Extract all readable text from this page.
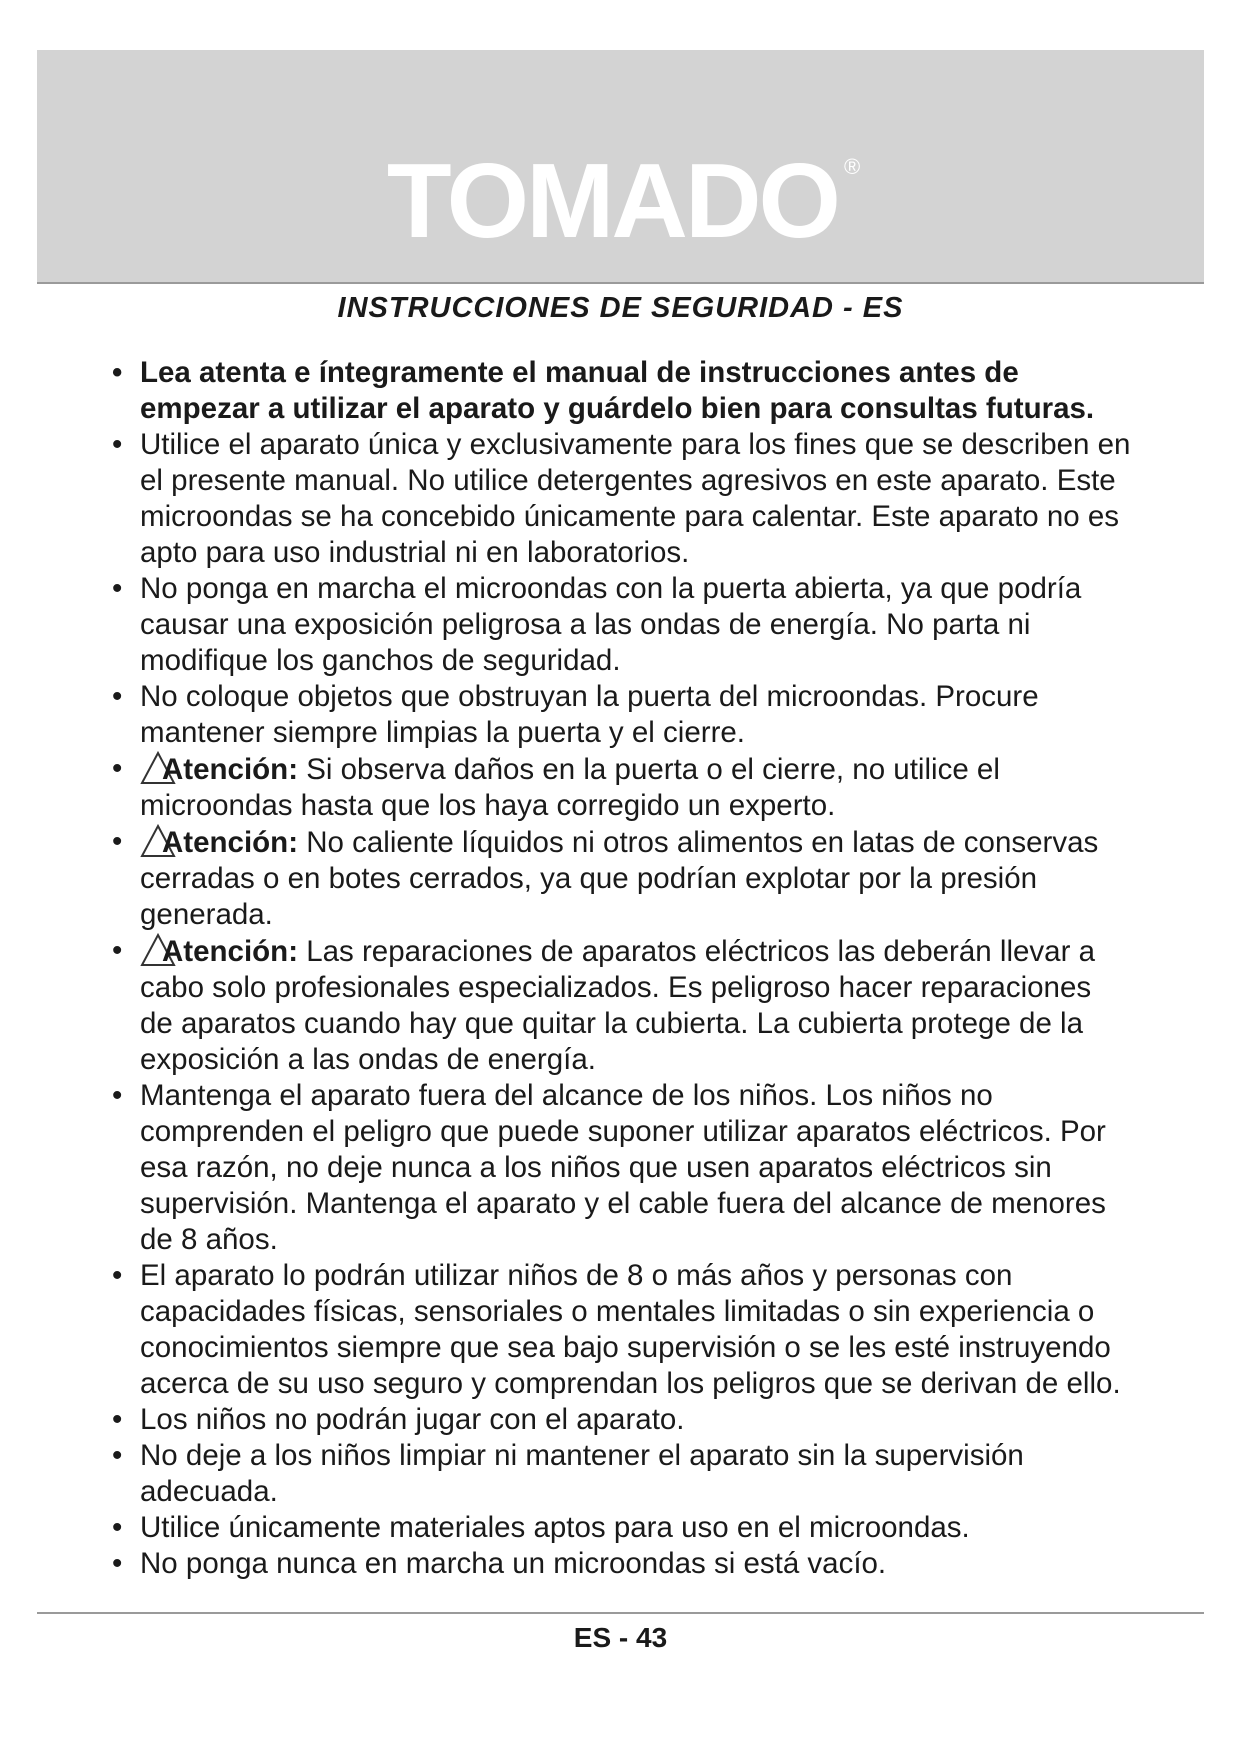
TOMADO ®
INSTRUCCIONES DE SEGURIDAD - ES
• Lea atenta e íntegramente el manual de instrucciones antes de empezar a utilizar el aparato y guárdelo bien para consultas futuras.
• Utilice el aparato única y exclusivamente para los fines que se describen en el presente manual. No utilice detergentes agresivos en este aparato. Este microondas se ha concebido únicamente para calentar. Este aparato no es apto para uso industrial ni en laboratorios.
• No ponga en marcha el microondas con la puerta abierta, ya que podría causar una exposición peligrosa a las ondas de energía. No parta ni modifique los ganchos de seguridad.
• No coloque objetos que obstruyan la puerta del microondas. Procure mantener siempre limpias la puerta y el cierre.
• Atención: Si observa daños en la puerta o el cierre, no utilice el microondas hasta que los haya corregido un experto.
• Atención: No caliente líquidos ni otros alimentos en latas de conservas cerradas o en botes cerrados, ya que podrían explotar por la presión generada.
• Atención: Las reparaciones de aparatos eléctricos las deberán llevar a cabo solo profesionales especializados. Es peligroso hacer reparaciones de aparatos cuando hay que quitar la cubierta. La cubierta protege de la exposición a las ondas de energía.
• Mantenga el aparato fuera del alcance de los niños. Los niños no comprenden el peligro que puede suponer utilizar aparatos eléctricos. Por esa razón, no deje nunca a los niños que usen aparatos eléctricos sin supervisión. Mantenga el aparato y el cable fuera del alcance de menores de 8 años.
• El aparato lo podrán utilizar niños de 8 o más años y personas con capacidades físicas, sensoriales o mentales limitadas o sin experiencia o conocimientos siempre que sea bajo supervisión o se les esté instruyendo acerca de su uso seguro y comprendan los peligros que se derivan de ello.
• Los niños no podrán jugar con el aparato.
• No deje a los niños limpiar ni mantener el aparato sin la supervisión adecuada.
• Utilice únicamente materiales aptos para uso en el microondas.
• No ponga nunca en marcha un microondas si está vacío.
ES - 43
